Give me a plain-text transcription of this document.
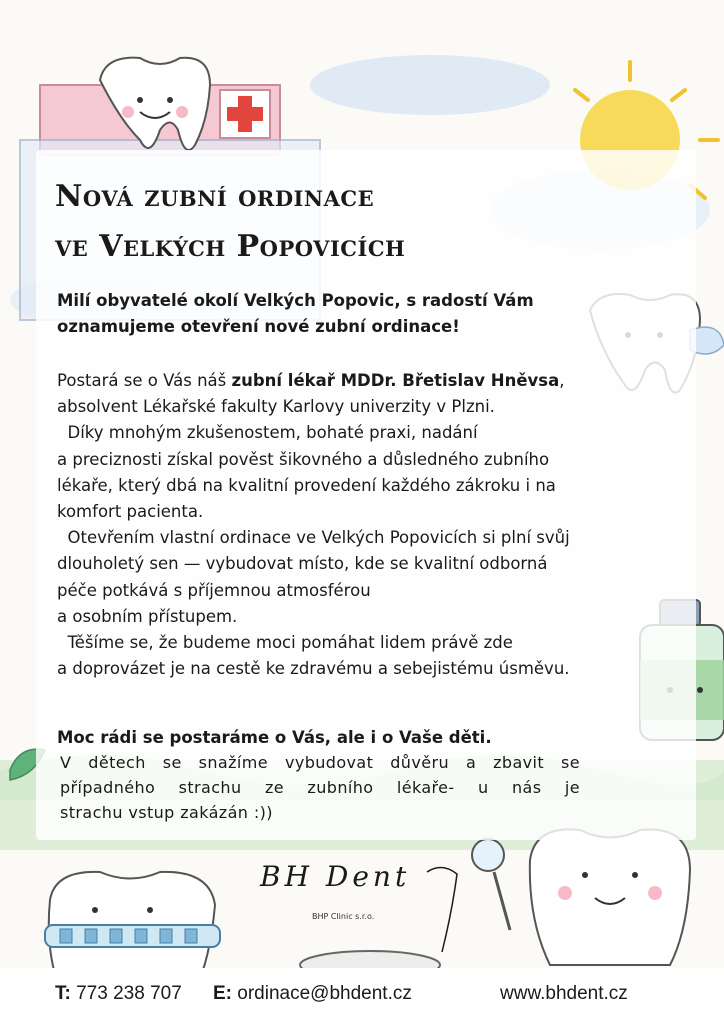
Nová zubní ordinace
ve Velkých Popovicích
Milí obyvatelé okolí Velkých Popovic, s radostí Vám
oznamujeme otevření nové zubní ordinace!
Postará se o Vás náš zubní lékař MDDr. Břetislav Hněvsa,
absolvent Lékařské fakulty Karlovy univerzity v Plzni.
Díky mnohým zkušenostem, bohaté praxi, nadání
a preciznosti získal pověst šikovného a důsledného zubního
lékaře, který dbá na kvalitní provedení každého zákroku i na
komfort pacienta.
Otevřením vlastní ordinace ve Velkých Popovicích si plní svůj
dlouholetý sen — vybudovat místo, kde se kvalitní odborná
péče potkává s příjemnou atmosférou
a osobním přístupem.
Těšíme se, že budeme moci pomáhat lidem právě zde
a doprovázet je na cestě ke zdravému a sebejistému úsměvu.
Moc rádi se postaráme o Vás, ale i o Vaše děti.
V dětech se snažíme vybudovat důvěru a zbavit se
případného strachu ze zubního lékaře- u nás je
strachu vstup zakázán :))
BH Dent
BHP Clinic s.r.o.
T: 773 238 707 E: ordinace@bhdent.cz	www.bhdent.cz
